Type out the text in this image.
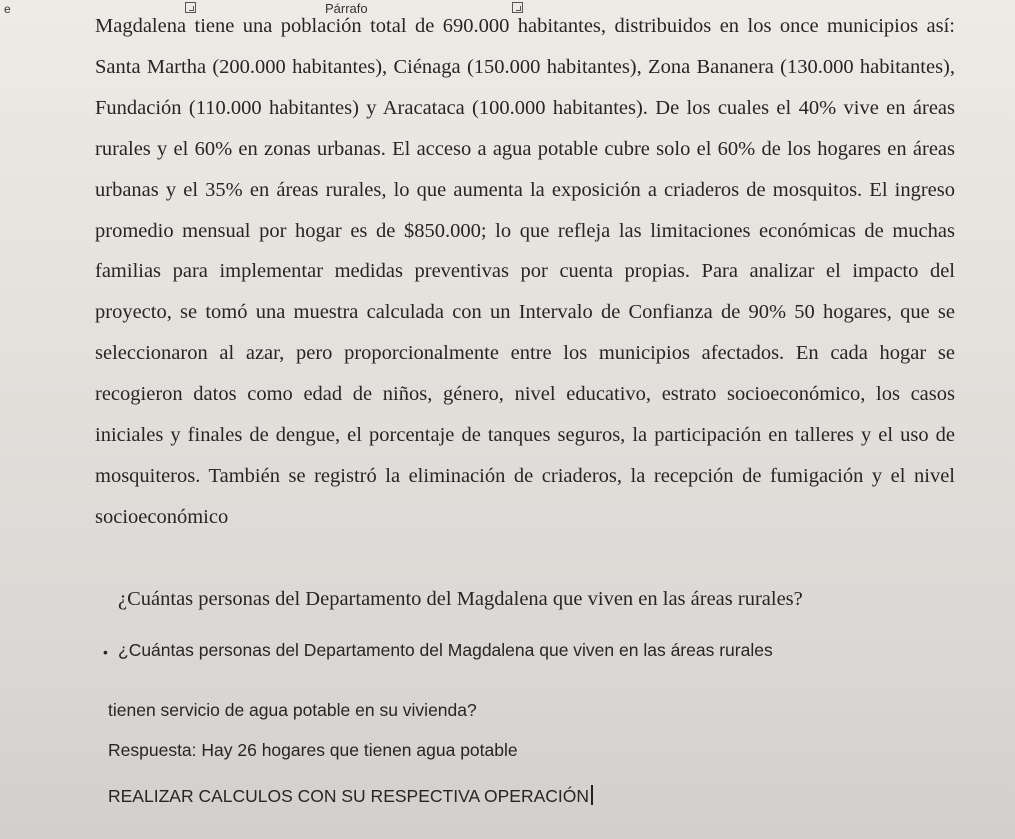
e	Párrafo

Magdalena tiene una población total de 690.000 habitantes, distribuidos en los once municipios así: Santa Martha (200.000 habitantes), Ciénaga (150.000 habitantes), Zona Bananera (130.000 habitantes), Fundación (110.000 habitantes) y Aracataca (100.000 habitantes). De los cuales el 40% vive en áreas rurales y el 60% en zonas urbanas. El acceso a agua potable cubre solo el 60% de los hogares en áreas urbanas y el 35% en áreas rurales, lo que aumenta la exposición a criaderos de mosquitos. El ingreso promedio mensual por hogar es de $850.000; lo que refleja las limitaciones económicas de muchas familias para implementar medidas preventivas por cuenta propias. Para analizar el impacto del proyecto, se tomó una muestra calculada con un Intervalo de Confianza de 90% 50 hogares, que se seleccionaron al azar, pero proporcionalmente entre los municipios afectados. En cada hogar se recogieron datos como edad de niños, género, nivel educativo, estrato socioeconómico, los casos iniciales y finales de dengue, el porcentaje de tanques seguros, la participación en talleres y el uso de mosquiteros. También se registró la eliminación de criaderos, la recepción de fumigación y el nivel socioeconómico

¿Cuántas personas del Departamento del Magdalena que viven en las áreas rurales?
• ¿Cuántas personas del Departamento del Magdalena que viven en las áreas rurales
tienen servicio de agua potable en su vivienda?
Respuesta: Hay 26 hogares que tienen agua potable
REALIZAR CALCULOS CON SU RESPECTIVA OPERACIÓN
